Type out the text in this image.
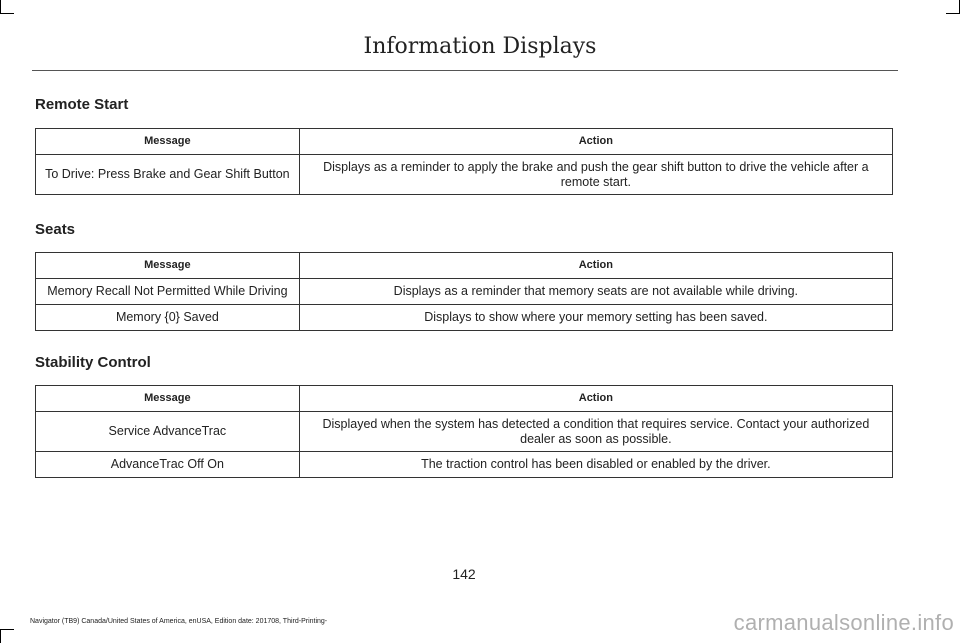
Information Displays
Remote Start
Message	Action
To Drive: Press Brake and Gear Shift Button	Displays as a reminder to apply the brake and push the gear shift button to drive the vehicle after a remote start.
Seats
Message	Action
Memory Recall Not Permitted While Driving	Displays as a reminder that memory seats are not available while driving.
Memory {0} Saved	Displays to show where your memory setting has been saved.
Stability Control
Message	Action
Service AdvanceTrac	Displayed when the system has detected a condition that requires service. Contact your authorized dealer as soon as possible.
AdvanceTrac Off On	The traction control has been disabled or enabled by the driver.
142
Navigator (TB9) Canada/United States of America, enUSA, Edition date: 201708, Third-Printing-	carmanualsonline.info
